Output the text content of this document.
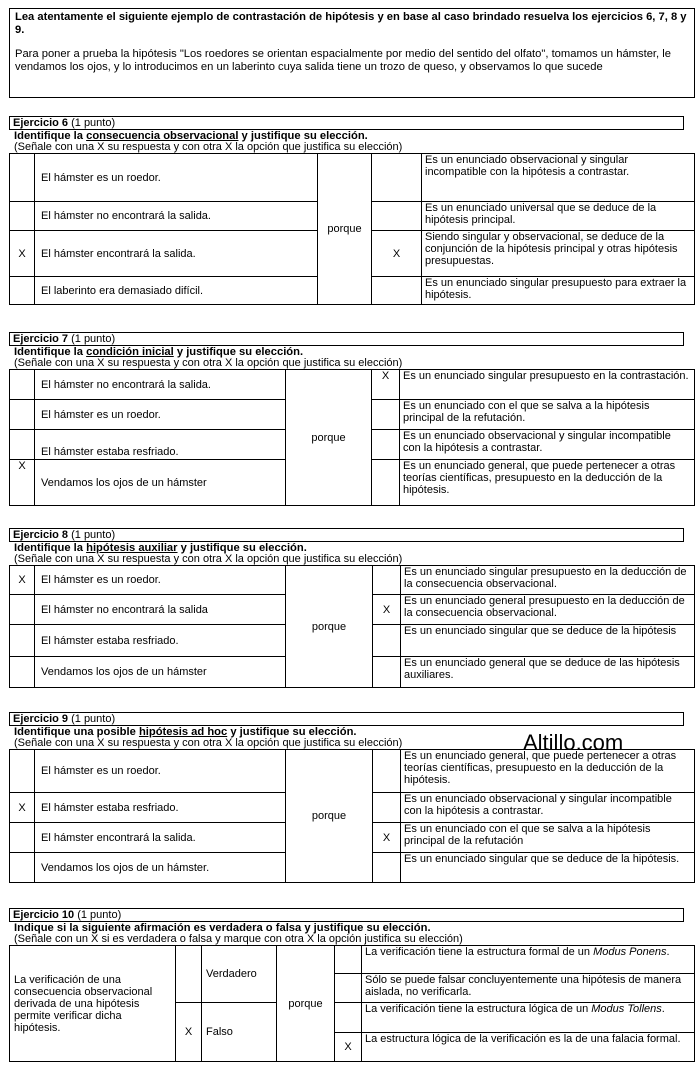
Lea atentamente el siguiente ejemplo de contrastación de hipótesis y en base al caso brindado resuelva los ejercicios 6, 7, 8 y 9.
Para poner a prueba la hipótesis "Los roedores se orientan espacialmente por medio del sentido del olfato", tomamos un hámster, le vendamos los ojos, y lo introducimos en un laberinto cuya salida tiene un trozo de queso, y observamos lo que sucede
Ejercicio 6 (1 punto)
Identifique la consecuencia observacional y justifique su elección.
(Señale con una X su respuesta y con otra X la opción que justifica su elección)
	El hámster es un roedor.	porque		Es un enunciado observacional y singular incompatible con la hipótesis a contrastar.
	El hámster no encontrará la salida.			Es un enunciado universal que se deduce de la hipótesis principal.
X	El hámster encontrará la salida.		X	Siendo singular y observacional, se deduce de la conjunción de la hipótesis principal y otras hipótesis presupuestas.
	El laberinto era demasiado difícil.			Es un enunciado singular presupuesto para extraer la hipótesis.
Ejercicio 7 (1 punto)
Identifique la condición inicial y justifique su elección.
(Señale con una X su respuesta y con otra X la opción que justifica su elección)
	El hámster no encontrará la salida.	porque	X	Es un enunciado singular presupuesto en la contrastación.
	El hámster es un roedor.			Es un enunciado con el que se salva a la hipótesis principal de la refutación.
	El hámster estaba resfriado.			Es un enunciado observacional y singular incompatible con la hipótesis a contrastar.
X	Vendamos los ojos de un hámster			Es un enunciado general, que puede pertenecer a otras teorías científicas, presupuesto en la deducción de la hipótesis.
Ejercicio 8 (1 punto)
Identifique la hipótesis auxiliar y justifique su elección.
(Señale con una X su respuesta y con otra X la opción que justifica su elección)
X	El hámster es un roedor.	porque		Es un enunciado singular presupuesto en la deducción de la consecuencia observacional.
	El hámster no encontrará la salida		X	Es un enunciado general presupuesto en la deducción de la consecuencia observacional.
	El hámster estaba resfriado.			Es un enunciado singular que se deduce de la hipótesis
	Vendamos los ojos de un hámster			Es un enunciado general que se deduce de las hipótesis auxiliares.
Ejercicio 9 (1 punto)
Identifique una posible hipótesis ad hoc y justifique su elección.
(Señale con una X su respuesta y con otra X la opción que justifica su elección)
	El hámster es un roedor.	porque		Es un enunciado general, que puede pertenecer a otras teorías científicas, presupuesto en la deducción de la hipótesis.
X	El hámster estaba resfriado.			Es un enunciado observacional y singular incompatible con la hipótesis a contrastar.
	El hámster encontrará la salida.		X	Es un enunciado con el que se salva a la hipótesis principal de la refutación
	Vendamos los ojos de un hámster.			Es un enunciado singular que se deduce de la hipótesis.
Altillo.com
Ejercicio 10 (1 punto)
Indique si la siguiente afirmación es verdadera o falsa y justifique su elección.
(Señale con un X si es verdadera o falsa y marque con otra X la opción justifica su elección)
La verificación de una consecuencia observacional derivada de una hipótesis permite verificar dicha hipótesis.		Verdadero	porque		La verificación tiene la estructura formal de un Modus Ponens.
					Sólo se puede falsar concluyentemente una hipótesis de manera aislada, no verificarla.
	X	Falso			La verificación tiene la estructura lógica de un Modus Tollens.
				X	La estructura lógica de la verificación es la de una falacia formal.
